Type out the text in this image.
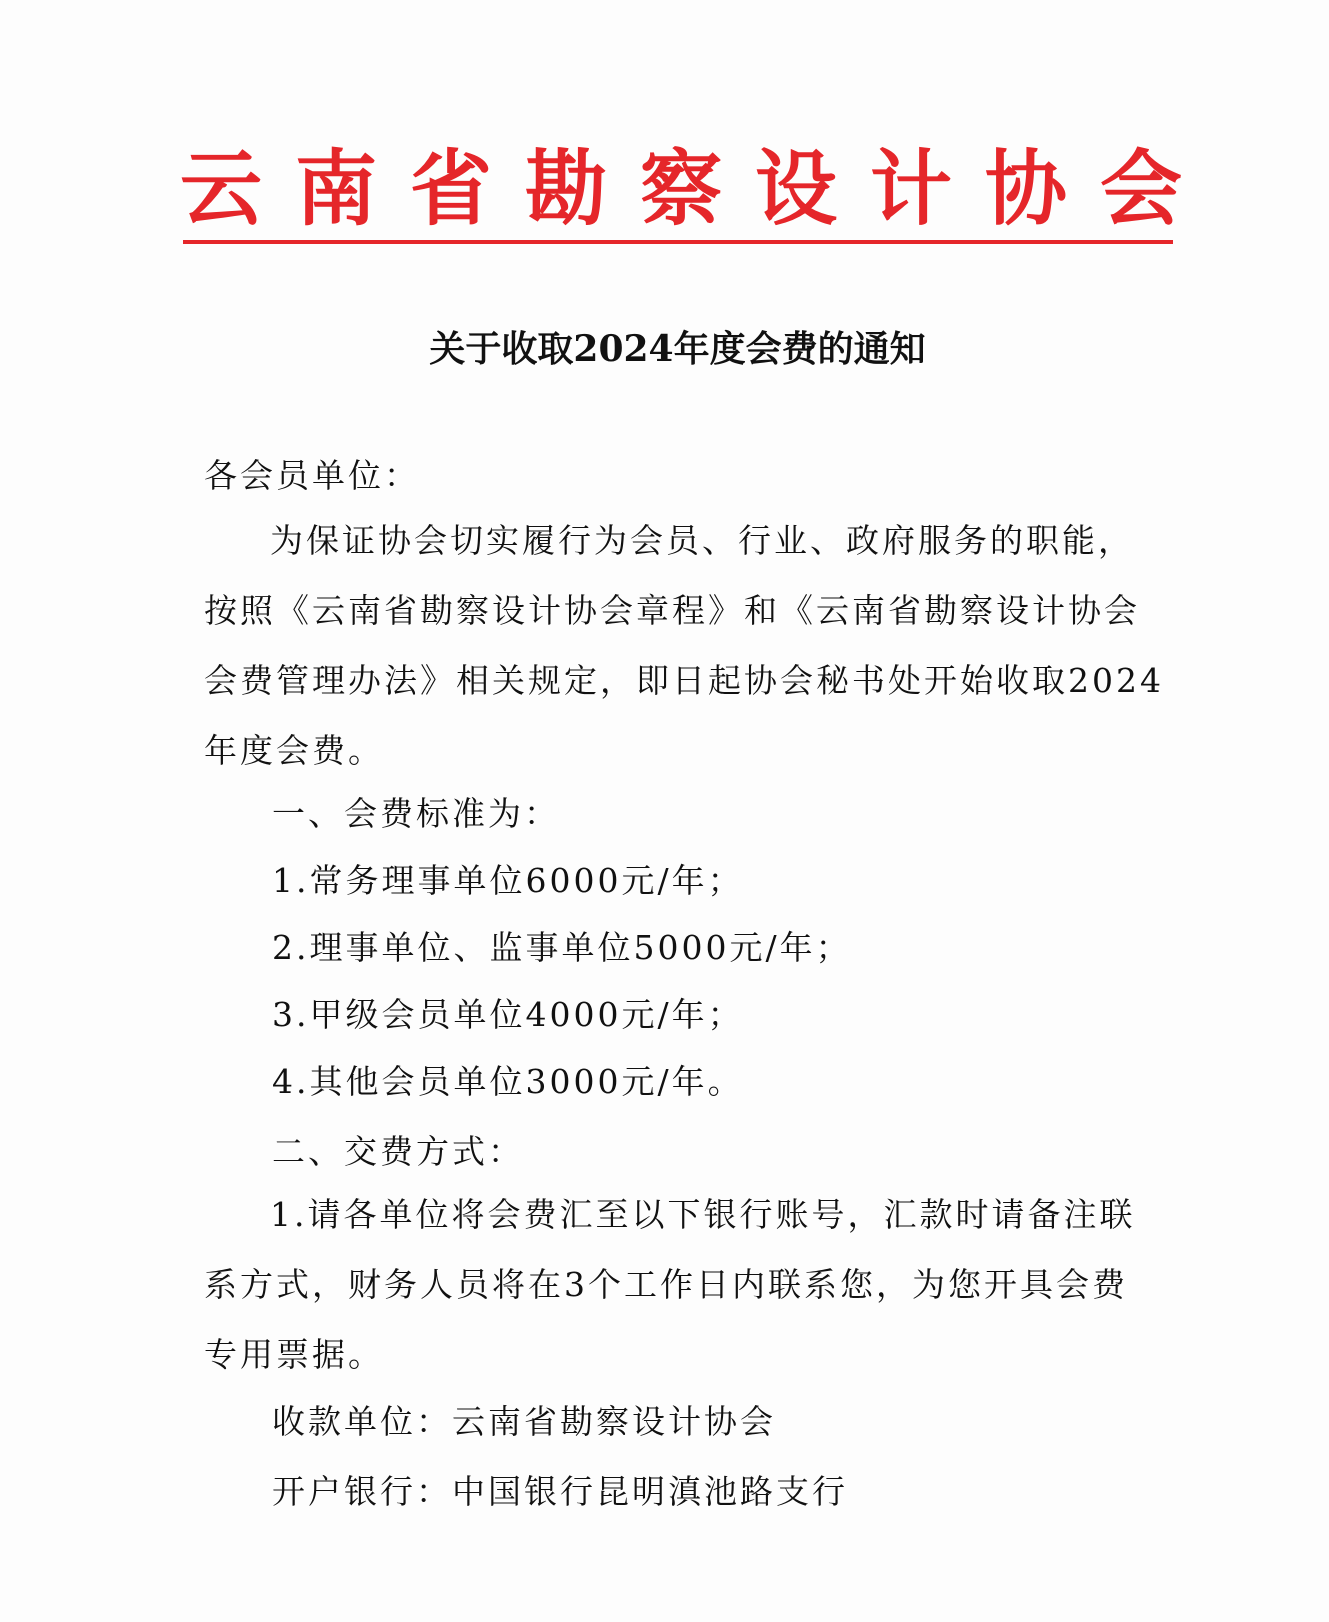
云南省勘察设计协会
关于收取2024年度会费的通知
各会员单位：
为保证协会切实履行为会员、行业、政府服务的职能，
按照《云南省勘察设计协会章程》和《云南省勘察设计协会
会费管理办法》相关规定，即日起协会秘书处开始收取2024
年度会费。
一、会费标准为：
1.常务理事单位6000元/年；
2.理事单位、监事单位5000元/年；
3.甲级会员单位4000元/年；
4.其他会员单位3000元/年。
二、交费方式：
1.请各单位将会费汇至以下银行账号，汇款时请备注联
系方式，财务人员将在3个工作日内联系您，为您开具会费
专用票据。
收款单位：云南省勘察设计协会
开户银行：中国银行昆明滇池路支行
